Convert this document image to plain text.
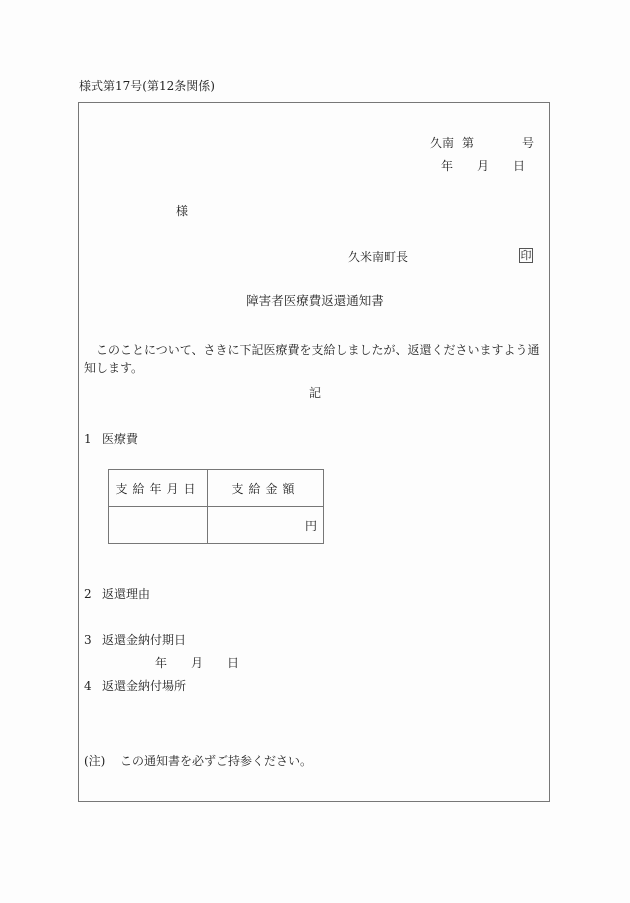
様式第17号(第12条関係)
久南 第	号
年 月 日
様
久米南町長	印
障害者医療費返還通知書
このことについて、さきに下記医療費を支給しましたが、返還くださいますよう通知します。
記
1 医療費
支給年月日	支給金額
	円
2 返還理由
3 返還金納付期日
年 月 日
4 返還金納付場所
(注) この通知書を必ずご持参ください。
